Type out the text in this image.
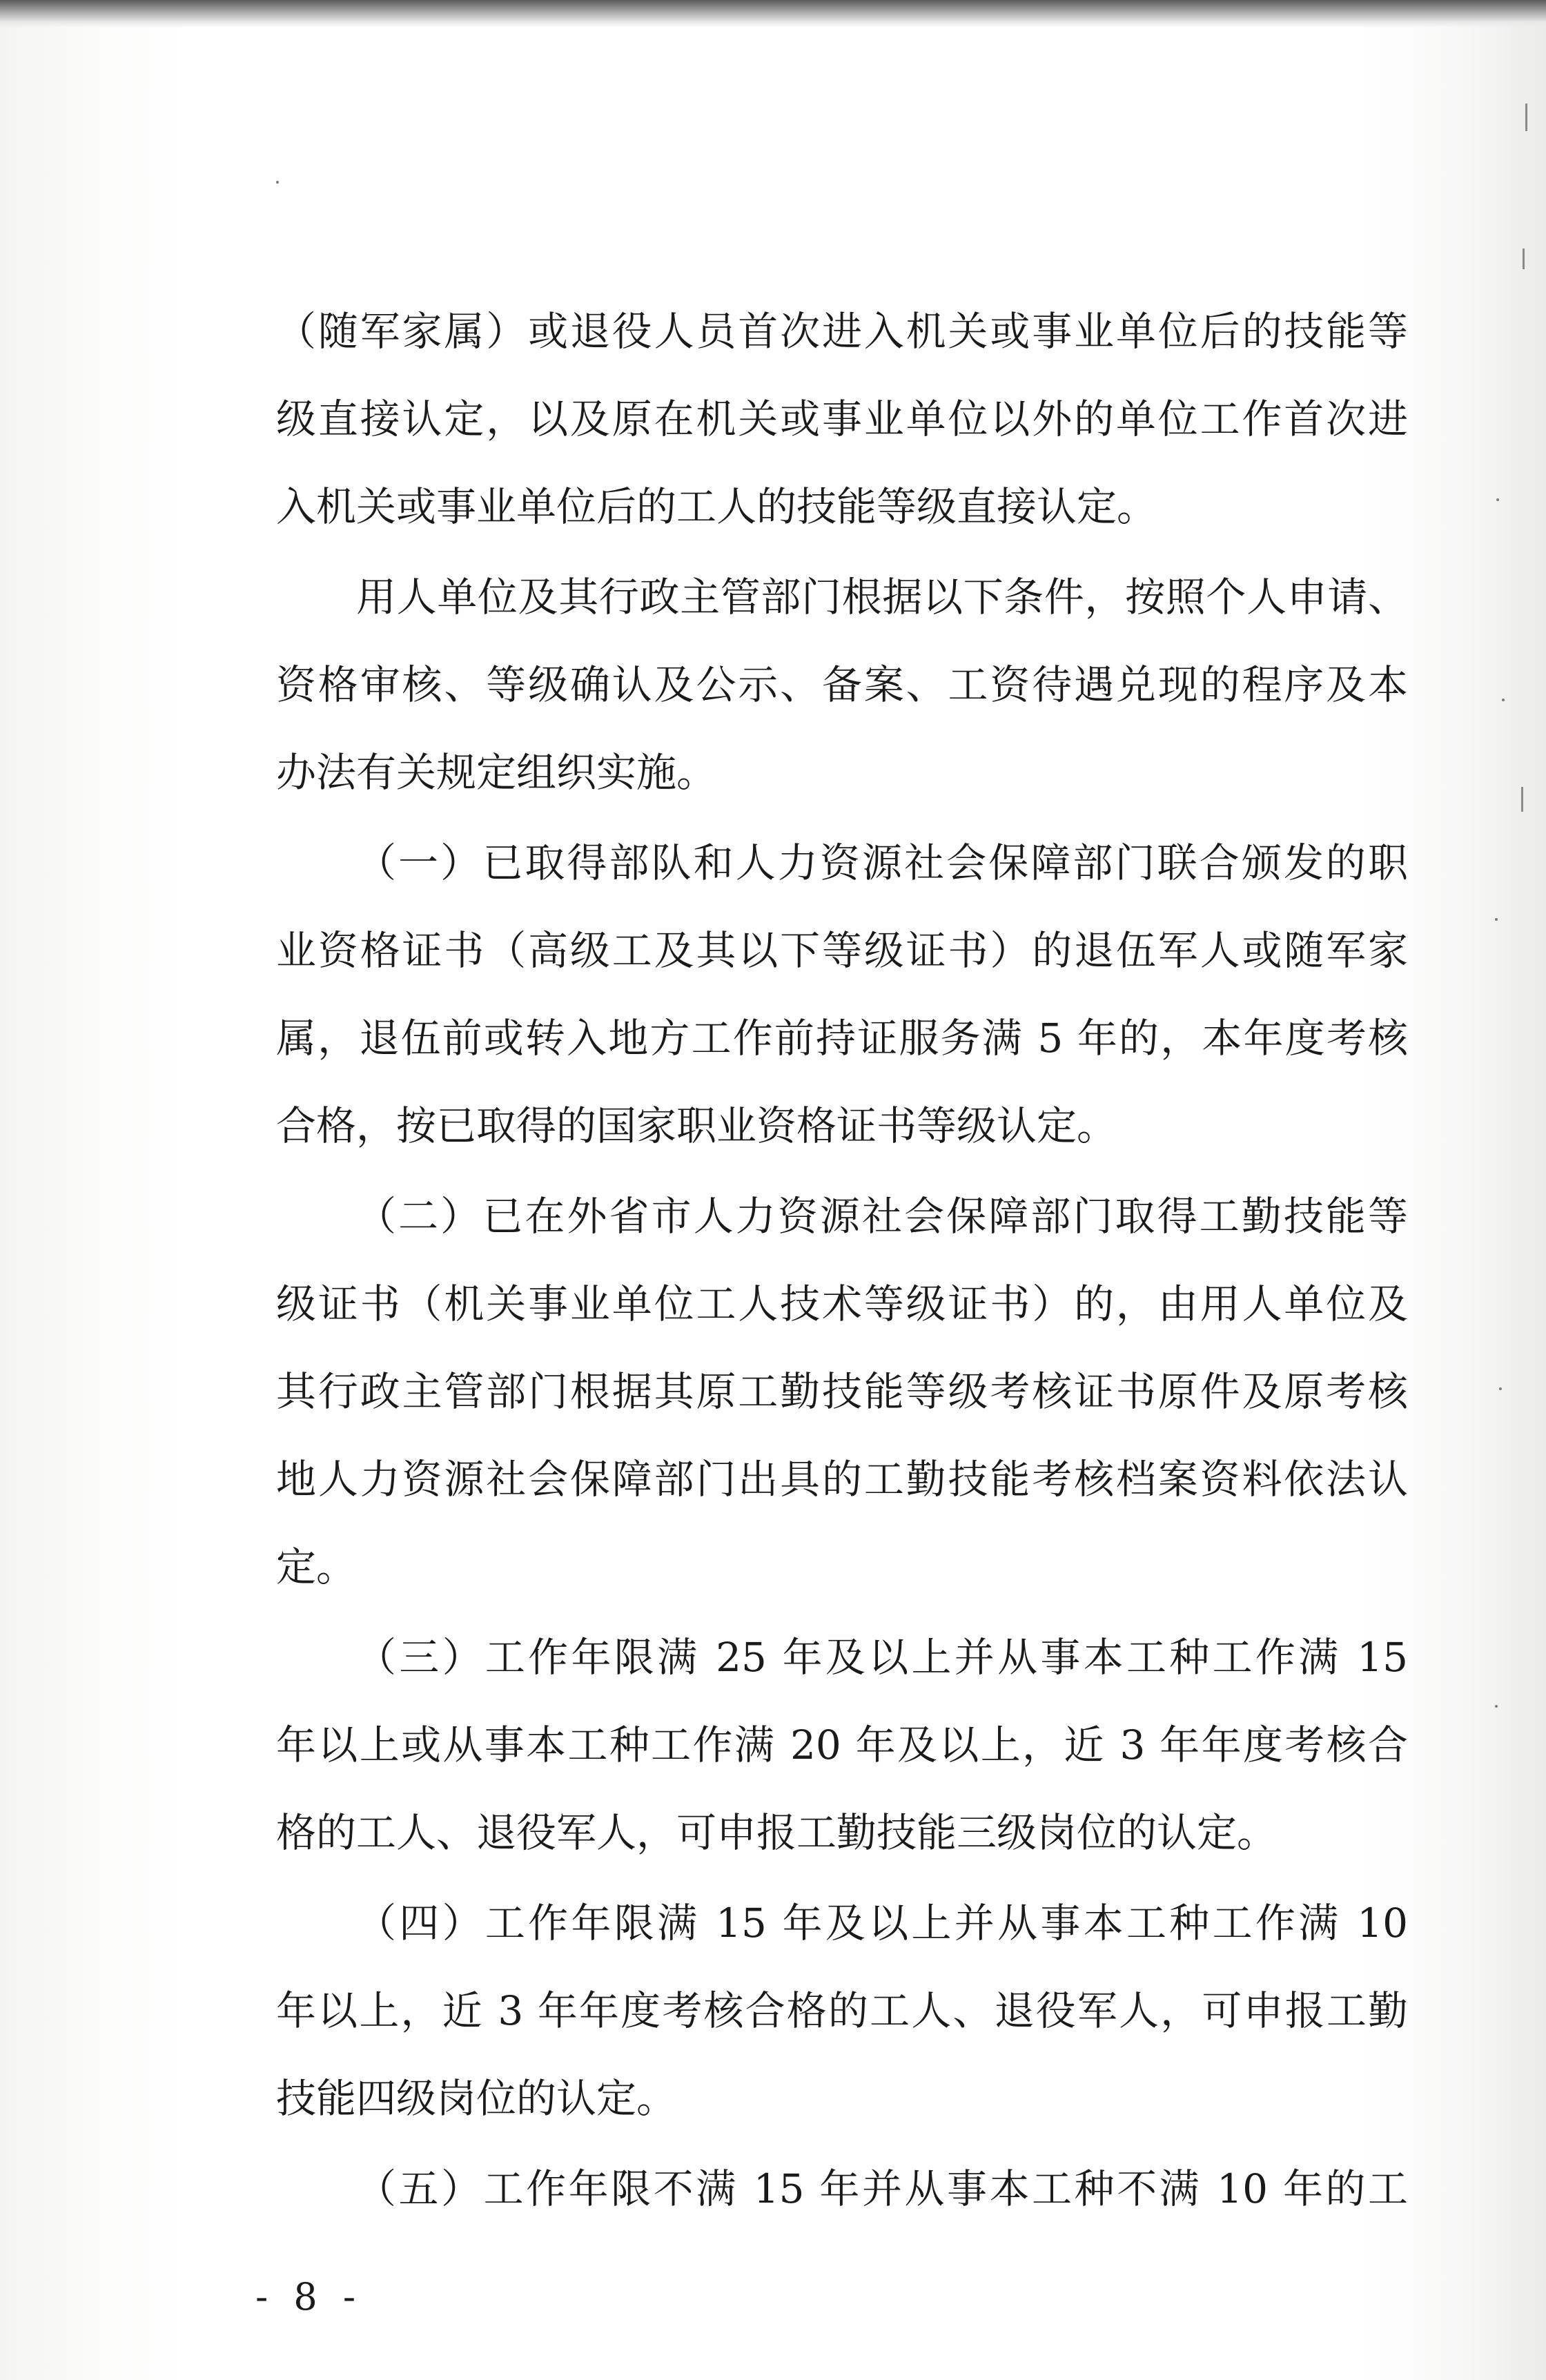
（随军家属）或退役人员首次进入机关或事业单位后的技能等
级直接认定，以及原在机关或事业单位以外的单位工作首次进
入机关或事业单位后的工人的技能等级直接认定。
用人单位及其行政主管部门根据以下条件，按照个人申请、
资格审核、等级确认及公示、备案、工资待遇兑现的程序及本
办法有关规定组织实施。
（一）已取得部队和人力资源社会保障部门联合颁发的职
业资格证书（高级工及其以下等级证书）的退伍军人或随军家
属，退伍前或转入地方工作前持证服务满 5 年的，本年度考核
合格，按已取得的国家职业资格证书等级认定。
（二）已在外省市人力资源社会保障部门取得工勤技能等
级证书（机关事业单位工人技术等级证书）的，由用人单位及
其行政主管部门根据其原工勤技能等级考核证书原件及原考核
地人力资源社会保障部门出具的工勤技能考核档案资料依法认
定。
（三）工作年限满 25 年及以上并从事本工种工作满 15
年以上或从事本工种工作满 20 年及以上，近 3 年年度考核合
格的工人、退役军人，可申报工勤技能三级岗位的认定。
（四）工作年限满 15 年及以上并从事本工种工作满 10
年以上，近 3 年年度考核合格的工人、退役军人，可申报工勤
技能四级岗位的认定。
（五）工作年限不满 15 年并从事本工种不满 10 年的工
- 8 -
